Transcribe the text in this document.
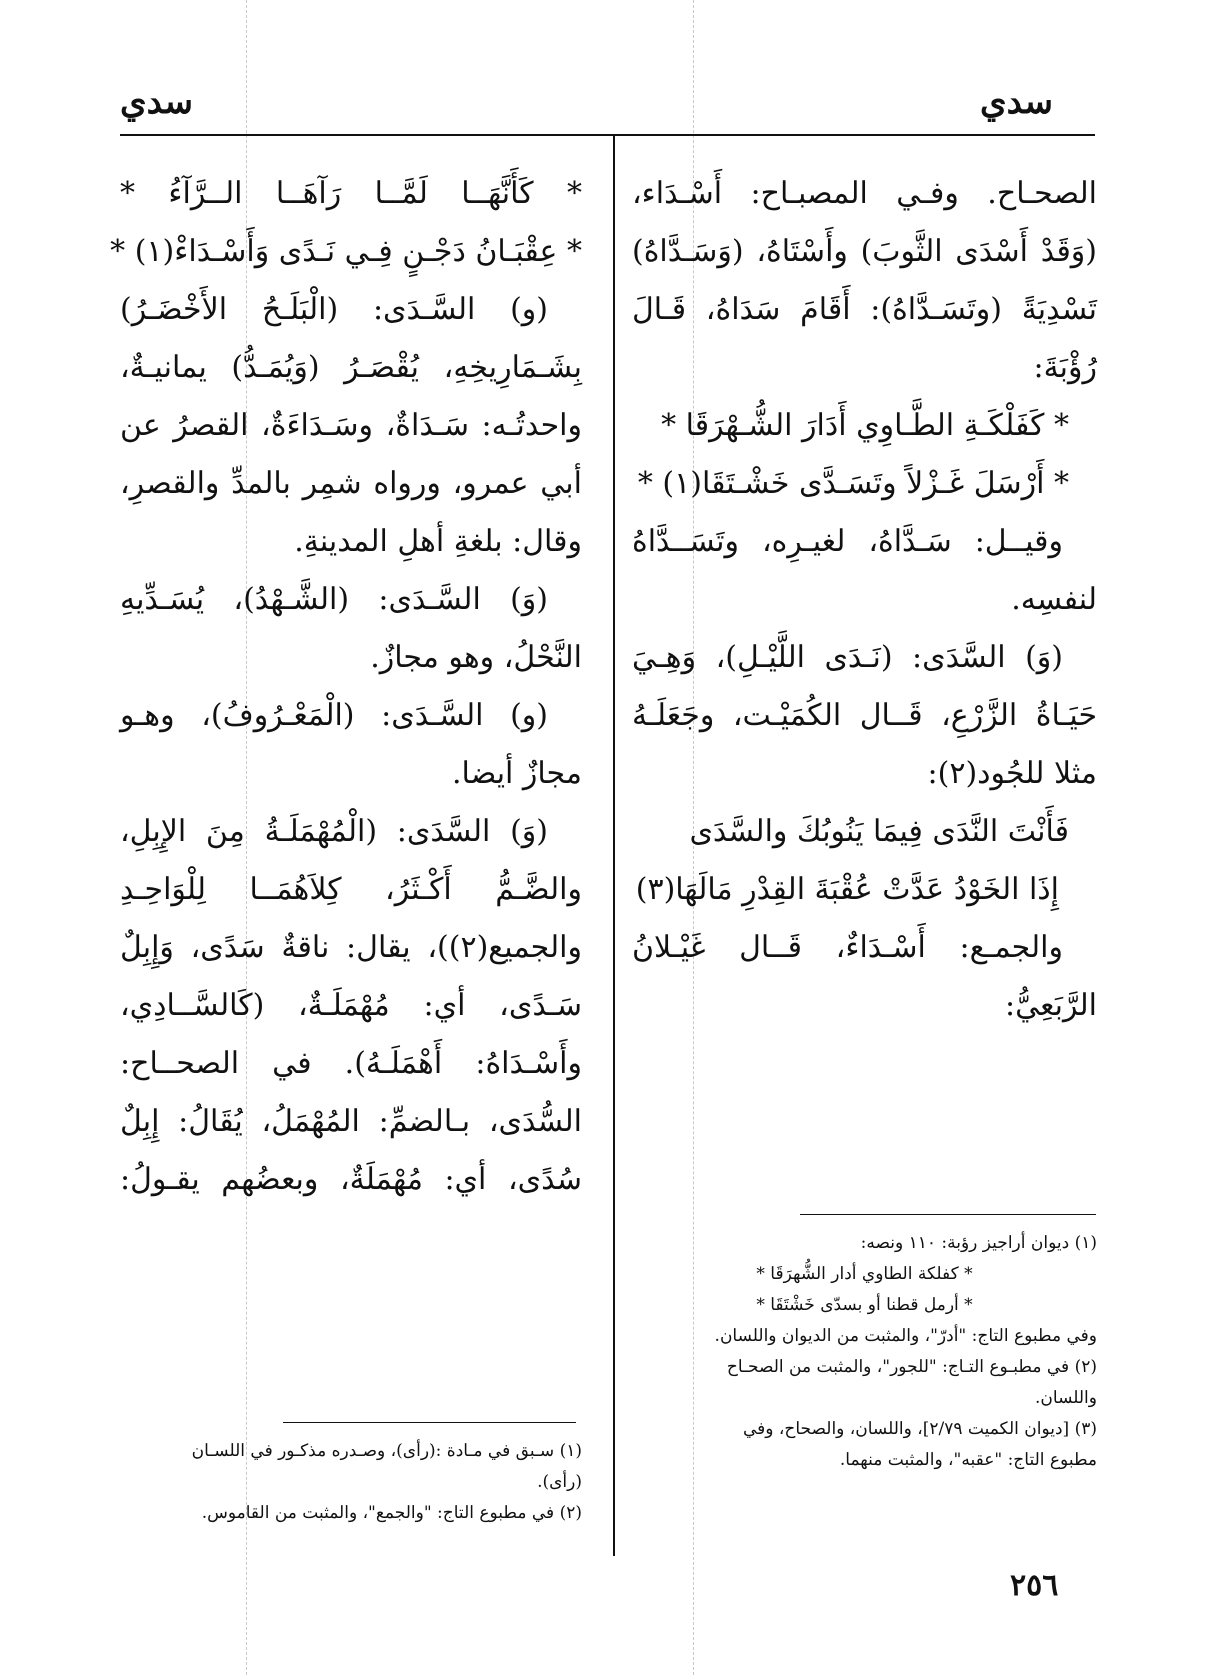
سدي
سدي
الصحـاح. وفـي المصبـاح: أَسْـدَاء،
(وَقَدْ أَسْدَى الثَّوبَ) وأَسْتَاهُ، (وَسَـدَّاهُ)
تَسْدِيَةً (وتَسَـدَّاهُ): أَقَامَ سَدَاهُ، قَـالَ
رُؤْبَةَ:
* كَفَلْكَـةِ الطَّـاوِي أَدَارَ الشُّـهْرَقَا *
* أَرْسَلَ غَـزْلاً وتَسَـدَّى خَشْـتَقَا(١) *
وقيــل: سَـدَّاهُ، لغيـرِه، وتَسَــدَّاهُ
لنفسِه.
(وَ) السَّدَى: (نَـدَى اللَّيْـلِ)، وَهِـيَ
حَيَـاةُ الزَّرْعِ، قَــال الكُمَيْـت، وجَعَلَـهُ
مثلا للجُود(٢):
فَأَنْتَ النَّدَى فِيمَا يَنُوبُكَ والسَّدَى
إِذَا الخَوْدُ عَدَّتْ عُقْبَةَ القِدْرِ مَالَهَا(٣)
والجمـع: أَسْـدَاءٌ، قَــال غَيْـلانُ
الرَّبَعِيُّ:
* كَأَنَّهَــا لَمَّــا رَآهَــا الــرَّآءُ *
* عِقْبَـانُ دَجْـنٍ فِـي نَـدًى وَأَسْـدَاءْ(١) *
(و) السَّـدَى: (الْبَلَـحُ الأَخْضَـرُ)
بِشَـمَارِيخِهِ، يُقْصَـرُ (وَيُمَـدُّ) يمانيـةٌ،
واحدتُـه: سَـدَاةٌ، وسَـدَاءَةٌ، القصرُ عن
أبي عمرو، ورواه شمِر بالمدِّ والقصرِ،
وقال: بلغةِ أهلِ المدينةِ.
(وَ) السَّـدَى: (الشَّـهْدُ)، يُسَـدِّيهِ
النَّحْلُ، وهو مجازٌ.
(و) السَّـدَى: (الْمَعْـرُوفُ)، وهـو
مجازٌ أيضا.
(وَ) السَّدَى: (الْمُهْمَلَـةُ مِنَ الإِبِلِ،
والضَّـمُّ أَكْـثَرُ، كِلاَهُمَــا لِلْوَاحِـدِ
والجميع(٢))، يقال: ناقةٌ سَدًى، وَإِبِلٌ
سَـدًى، أي: مُهْمَلَـةٌ، (كَالسَّــادِي،
وأَسْـدَاهُ: أَهْمَلَـهُ). في الصحــاح:
السُّدَى، بـالضمِّ: المُهْمَلُ، يُقَالُ: إِبِلٌ
سُدًى، أي: مُهْمَلَةٌ، وبعضُهم يقـولُ:
(١) ديوان أراجيز رؤبة: ١١٠ ونصه:
* كفلكة الطاوي أدار الشُّهرَقَا *
* أرمل قطنا أو بسدّى خَشْتَقَا *
وفي مطبوع التاج: "أدرّ"، والمثبت من الديوان واللسان.
(٢) في مطبـوع التـاج: "للجور"، والمثبت من الصحـاح
واللسان.
(٣) [ديوان الكميت ٢/٧٩]، واللسان، والصحاح، وفي
مطبوع التاج: "عقبه"، والمثبت منهما.
(١) سـبق في مـادة :(رأى)، وصـدره مذكـور في اللسـان
(رأى).
(٢) في مطبوع التاج: "والجمع"، والمثبت من القاموس.
٢٥٦
